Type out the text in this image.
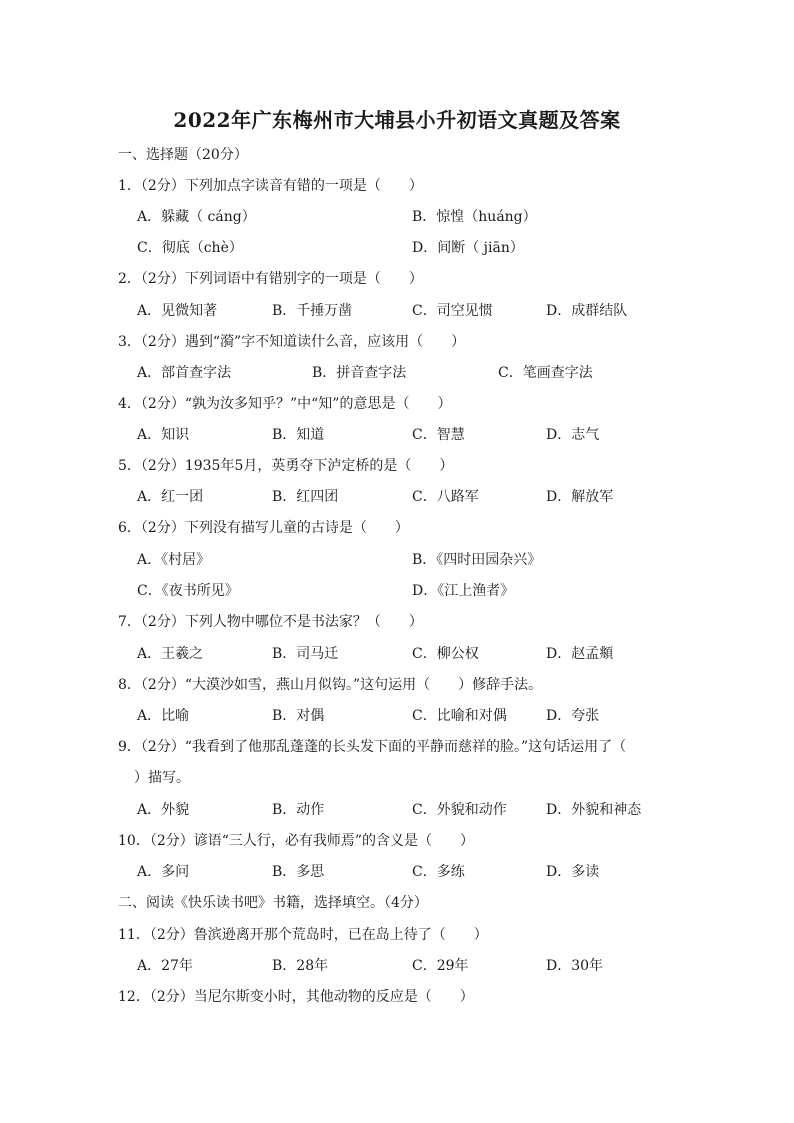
2022年广东梅州市大埔县小升初语文真题及答案
一、选择题（20分）
1．（2分）下列加点字读音有错的一项是（　　）
A．躲藏（ cáng）	B．惊惶（huáng）
C．彻底（chè）	D．间断（ jiān）
2．（2分）下列词语中有错别字的一项是（　　）
A．见微知著	B．千捶万凿	C．司空见惯	D．成群结队
3．（2分）遇到“漪”字不知道读什么音，应该用（　　）
A．部首查字法	B．拼音查字法	C．笔画查字法
4．（2分）“孰为汝多知乎？”中“知”的意思是（　　）
A．知识	B．知道	C．智慧	D．志气
5．（2分）1935年5月，英勇夺下泸定桥的是（　　）
A．红一团	B．红四团	C．八路军	D．解放军
6．（2分）下列没有描写儿童的古诗是（　　）
A．《村居》	B．《四时田园杂兴》
C．《夜书所见》	D．《江上渔者》
7．（2分）下列人物中哪位不是书法家？（　　）
A．王羲之	B．司马迁	C．柳公权	D．赵孟頫
8．（2分）“大漠沙如雪，燕山月似钩。”这句运用（　　）修辞手法。
A．比喻	B．对偶	C．比喻和对偶	D．夸张
9．（2分）“我看到了他那乱蓬蓬的长头发下面的平静而慈祥的脸。”这句话运用了（
）描写。
A．外貌	B．动作	C．外貌和动作	D．外貌和神态
10．（2分）谚语“三人行，必有我师焉”的含义是（　　）
A．多问	B．多思	C．多练	D．多读
二、阅读《快乐读书吧》书籍，选择填空。（4分）
11．（2分）鲁滨逊离开那个荒岛时，已在岛上待了（　　）
A．27年	B．28年	C．29年	D．30年
12．（2分）当尼尔斯变小时，其他动物的反应是（　　）
